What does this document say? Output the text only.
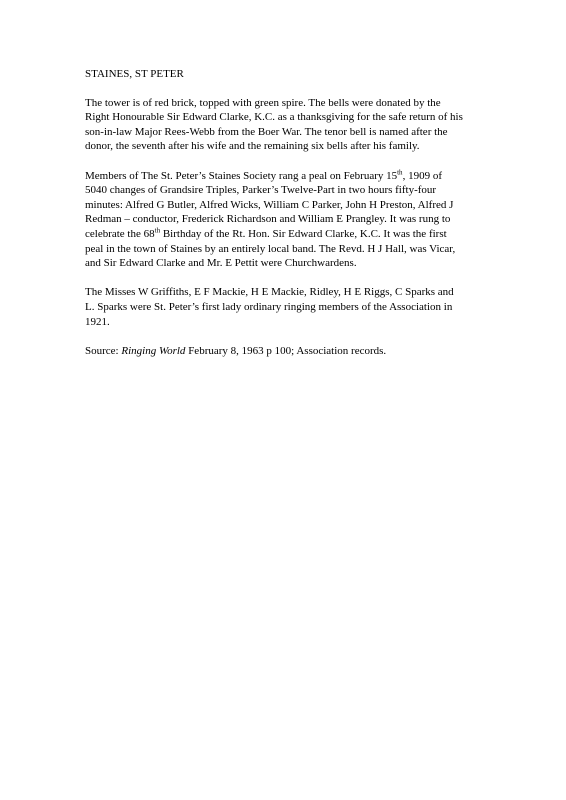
STAINES, ST PETER

The tower is of red brick, topped with green spire. The bells were donated by the
Right Honourable Sir Edward Clarke, K.C. as a thanksgiving for the safe return of his
son-in-law Major Rees-Webb from the Boer War. The tenor bell is named after the
donor, the seventh after his wife and the remaining six bells after his family.

Members of The St. Peter’s Staines Society rang a peal on February 15th, 1909 of
5040 changes of Grandsire Triples, Parker’s Twelve-Part in two hours fifty-four
minutes: Alfred G Butler, Alfred Wicks, William C Parker, John H Preston, Alfred J
Redman – conductor, Frederick Richardson and William E Prangley. It was rung to
celebrate the 68th Birthday of the Rt. Hon. Sir Edward Clarke, K.C. It was the first
peal in the town of Staines by an entirely local band. The Revd. H J Hall, was Vicar,
and Sir Edward Clarke and Mr. E Pettit were Churchwardens.

The Misses W Griffiths, E F Mackie, H E Mackie, Ridley, H E Riggs, C Sparks and
L. Sparks were St. Peter’s first lady ordinary ringing members of the Association in
1921.

Source: Ringing World February 8, 1963 p 100; Association records.
